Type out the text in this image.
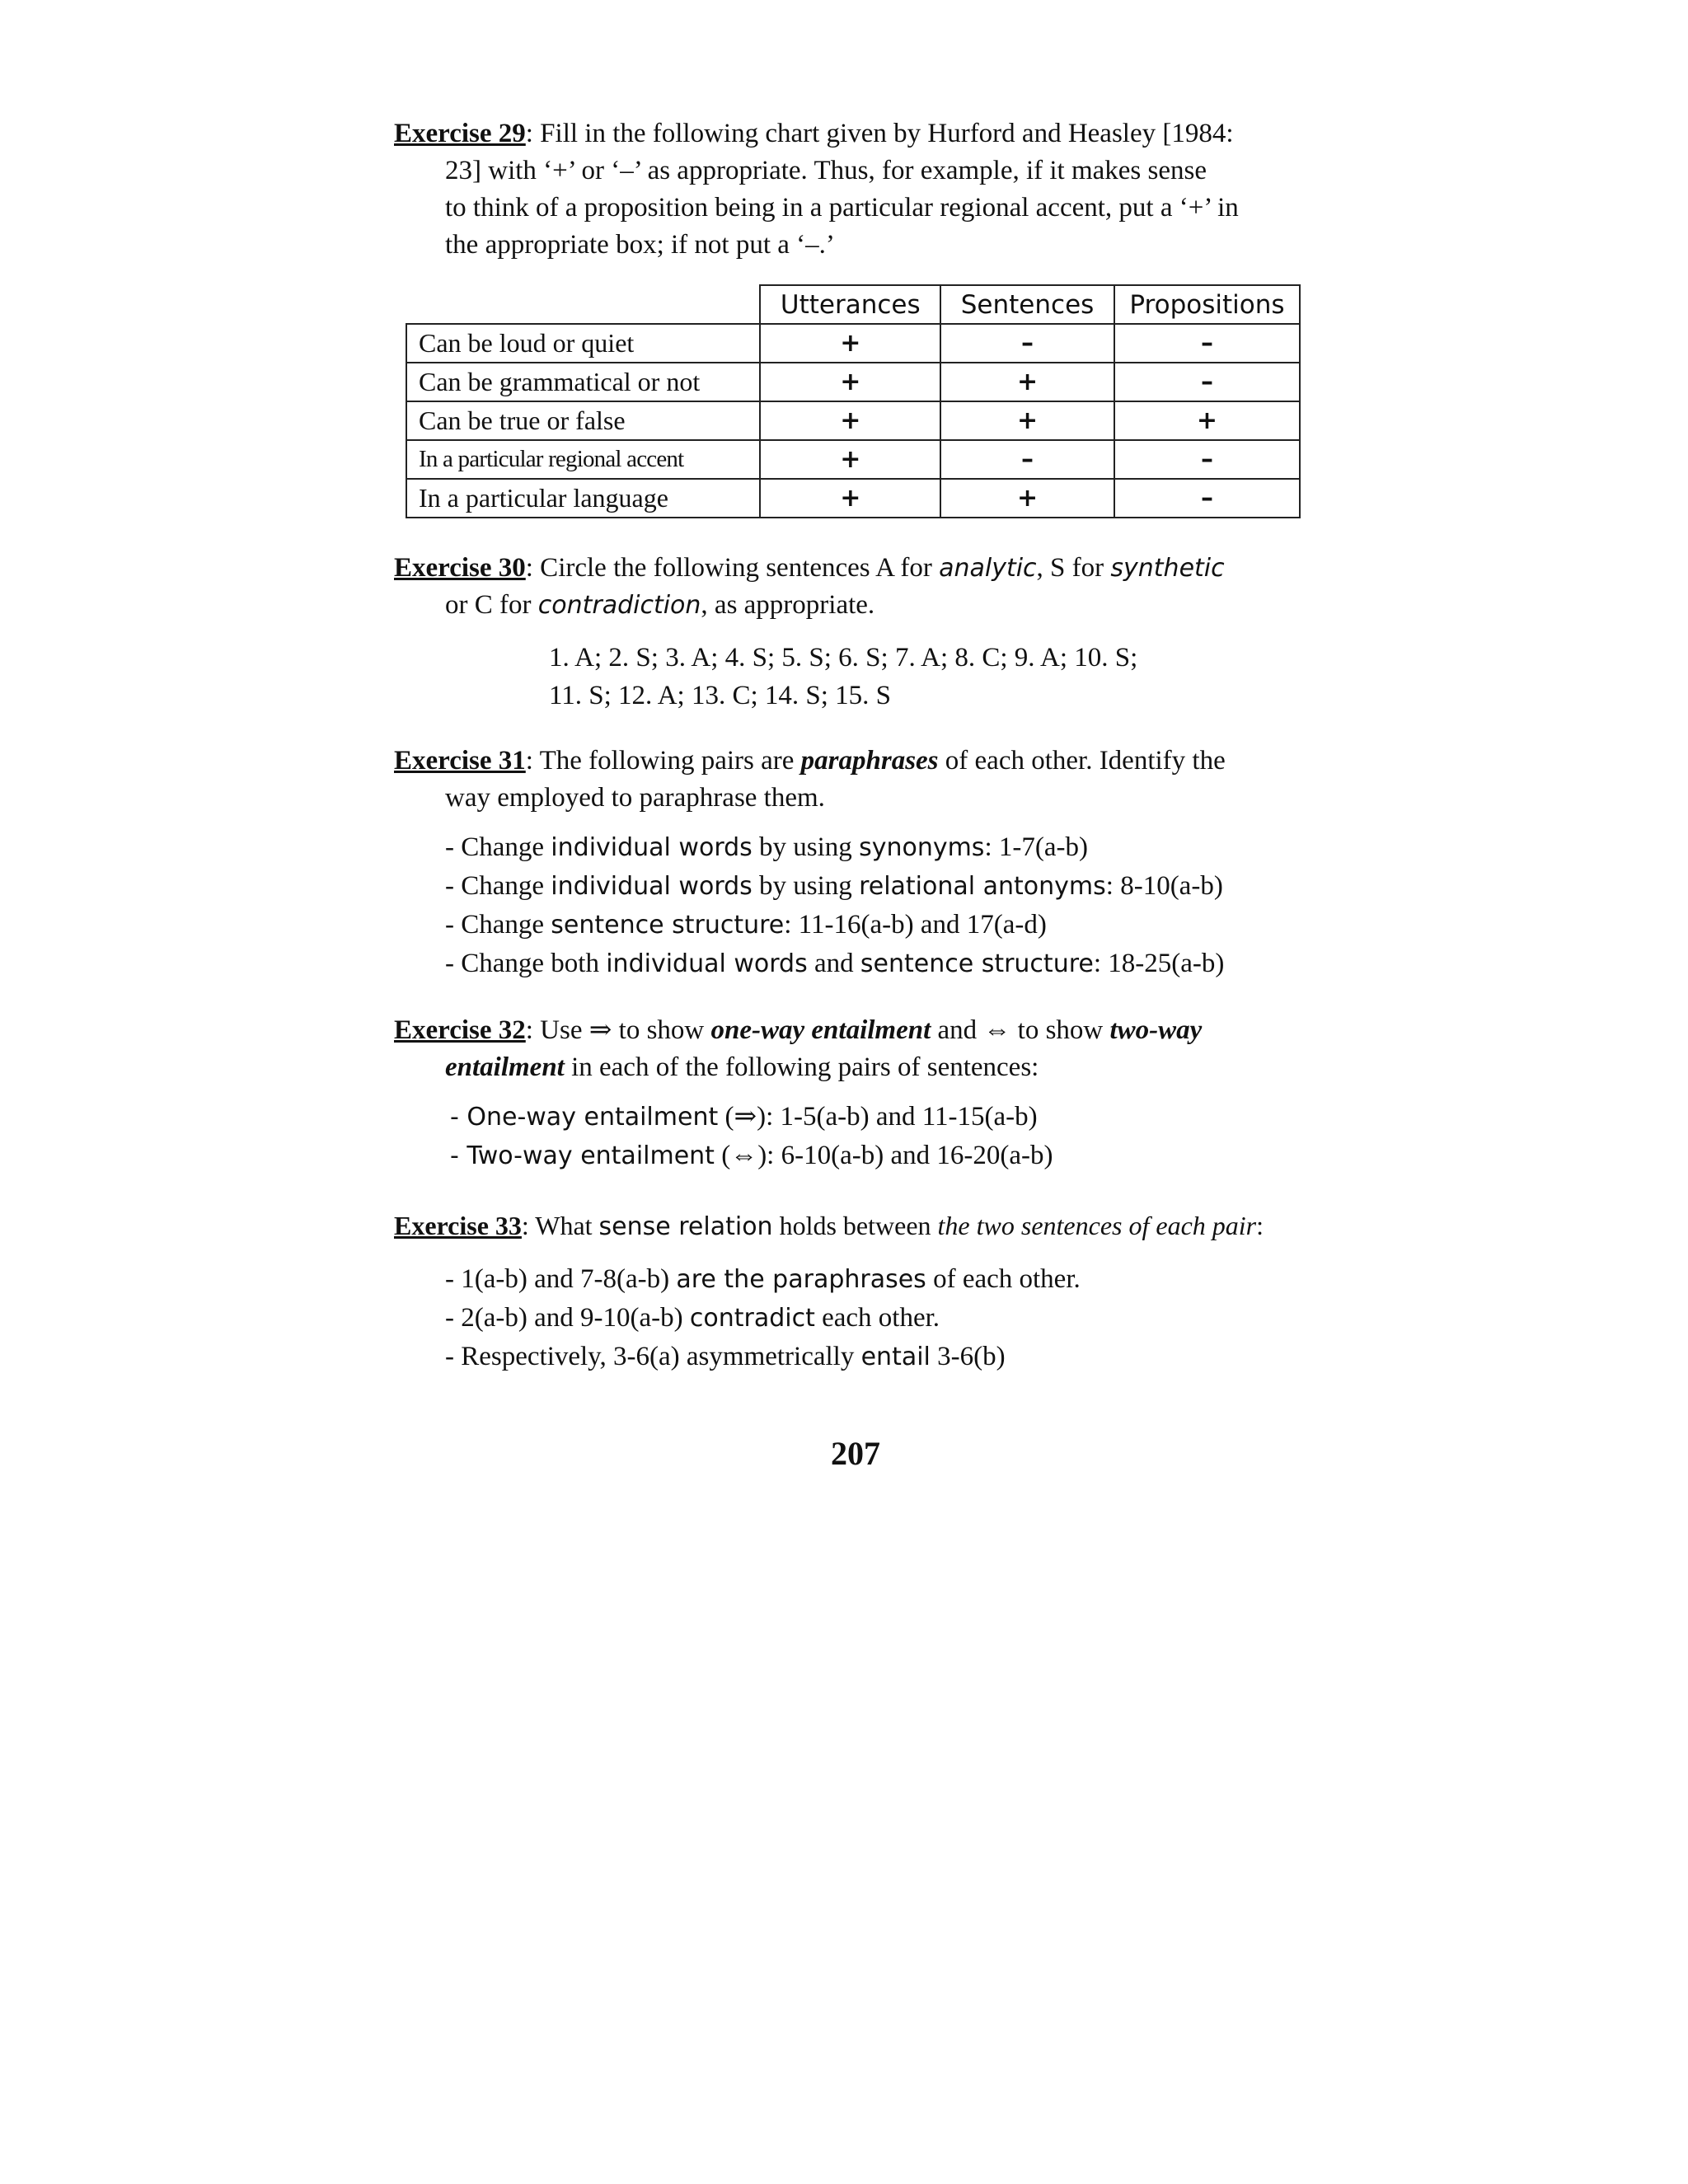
Exercise 29: Fill in the following chart given by Hurford and Heasley [1984:
23] with ‘+’ or ‘–’ as appropriate. Thus, for example, if it makes sense
to think of a proposition being in a particular regional accent, put a ‘+’ in
the appropriate box; if not put a ‘–.’

	Utterances	Sentences	Propositions
Can be loud or quiet	+	–	–
Can be grammatical or not	+	+	–
Can be true or false	+	+	+
In a particular regional accent	+	–	–
In a particular language	+	+	–

Exercise 30: Circle the following sentences A for analytic, S for synthetic
or C for contradiction, as appropriate.

1. A; 2. S; 3. A; 4. S; 5. S; 6. S; 7. A; 8. C; 9. A; 10. S;
11. S; 12. A; 13. C; 14. S; 15. S

Exercise 31: The following pairs are paraphrases of each other. Identify the
way employed to paraphrase them.

- Change individual words by using synonyms: 1-7(a-b)
- Change individual words by using relational antonyms: 8-10(a-b)
- Change sentence structure: 11-16(a-b) and 17(a-d)
- Change both individual words and sentence structure: 18-25(a-b)

Exercise 32: Use ⇒ to show one-way entailment and ⇔ to show two-way
entailment in each of the following pairs of sentences:

- One-way entailment (⇒): 1-5(a-b) and 11-15(a-b)
- Two-way entailment (⇔): 6-10(a-b) and 16-20(a-b)

Exercise 33: What sense relation holds between the two sentences of each pair:

- 1(a-b) and 7-8(a-b) are the paraphrases of each other.
- 2(a-b) and 9-10(a-b) contradict each other.
- Respectively, 3-6(a) asymmetrically entail 3-6(b)
207
